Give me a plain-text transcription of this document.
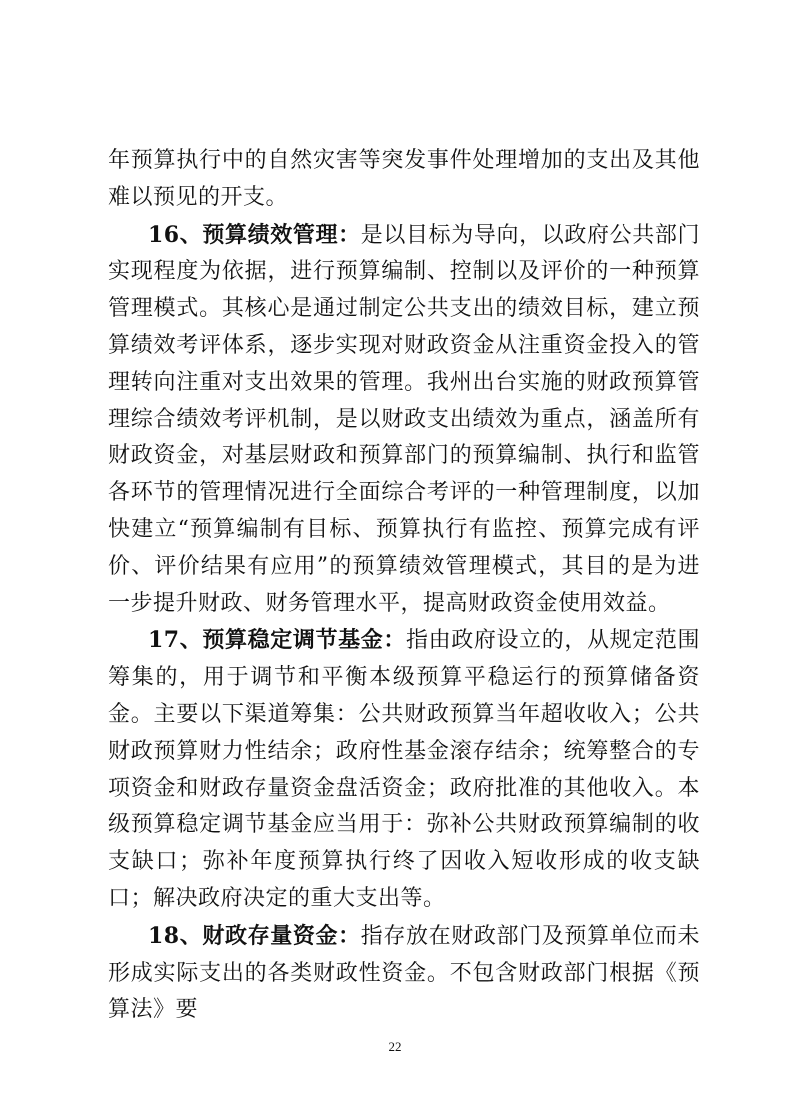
年预算执行中的自然灾害等突发事件处理增加的支出及其他难以预见的开支。

16、预算绩效管理：是以目标为导向，以政府公共部门实现程度为依据，进行预算编制、控制以及评价的一种预算管理模式。其核心是通过制定公共支出的绩效目标，建立预算绩效考评体系，逐步实现对财政资金从注重资金投入的管理转向注重对支出效果的管理。我州出台实施的财政预算管理综合绩效考评机制，是以财政支出绩效为重点，涵盖所有财政资金，对基层财政和预算部门的预算编制、执行和监管各环节的管理情况进行全面综合考评的一种管理制度，以加快建立“预算编制有目标、预算执行有监控、预算完成有评价、评价结果有应用”的预算绩效管理模式，其目的是为进一步提升财政、财务管理水平，提高财政资金使用效益。

17、预算稳定调节基金：指由政府设立的，从规定范围筹集的，用于调节和平衡本级预算平稳运行的预算储备资金。主要以下渠道筹集：公共财政预算当年超收收入；公共财政预算财力性结余；政府性基金滚存结余；统筹整合的专项资金和财政存量资金盘活资金；政府批准的其他收入。本级预算稳定调节基金应当用于：弥补公共财政预算编制的收支缺口；弥补年度预算执行终了因收入短收形成的收支缺口；解决政府决定的重大支出等。

18、财政存量资金：指存放在财政部门及预算单位而未形成实际支出的各类财政性资金。不包含财政部门根据《预算法》要

22
